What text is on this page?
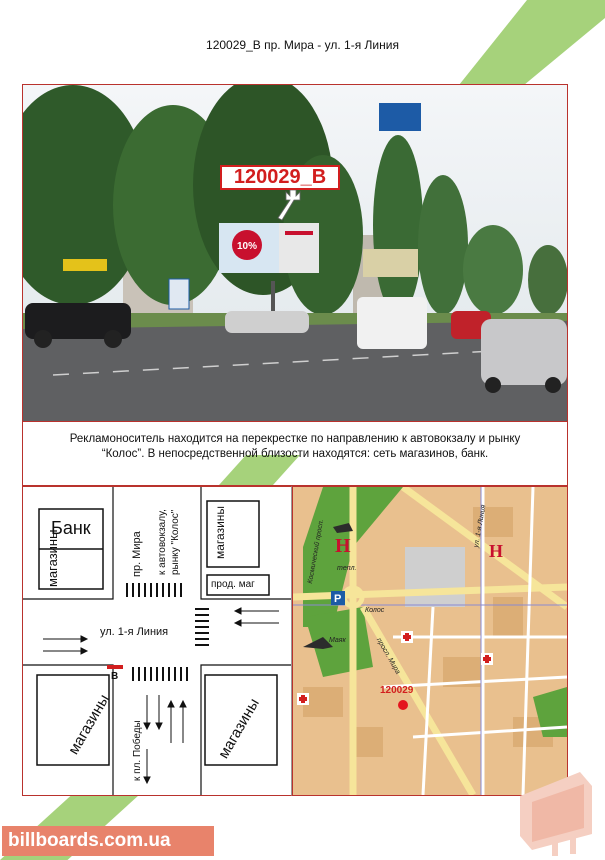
120029_B пр. Мира - ул. 1-я Линия
10%
120029_B
Рекламоноситель находится на перекрестке по направлению к автовокзалу и рынку
“Колос”. В непосредственной близости находятся: сеть магазинов, банк.
Банк
магазины	магазины
прод. маг
пр. Мира к автовокзалу, рынку "Колос"
ул. 1-я Линия
магазины	магазины
к пл. Победы
B
H	H
P
120029
Колос
Маяк
тепл.
Космический просп.
просп. Мира
ул. 1-я Линия
billboards.com.ua
